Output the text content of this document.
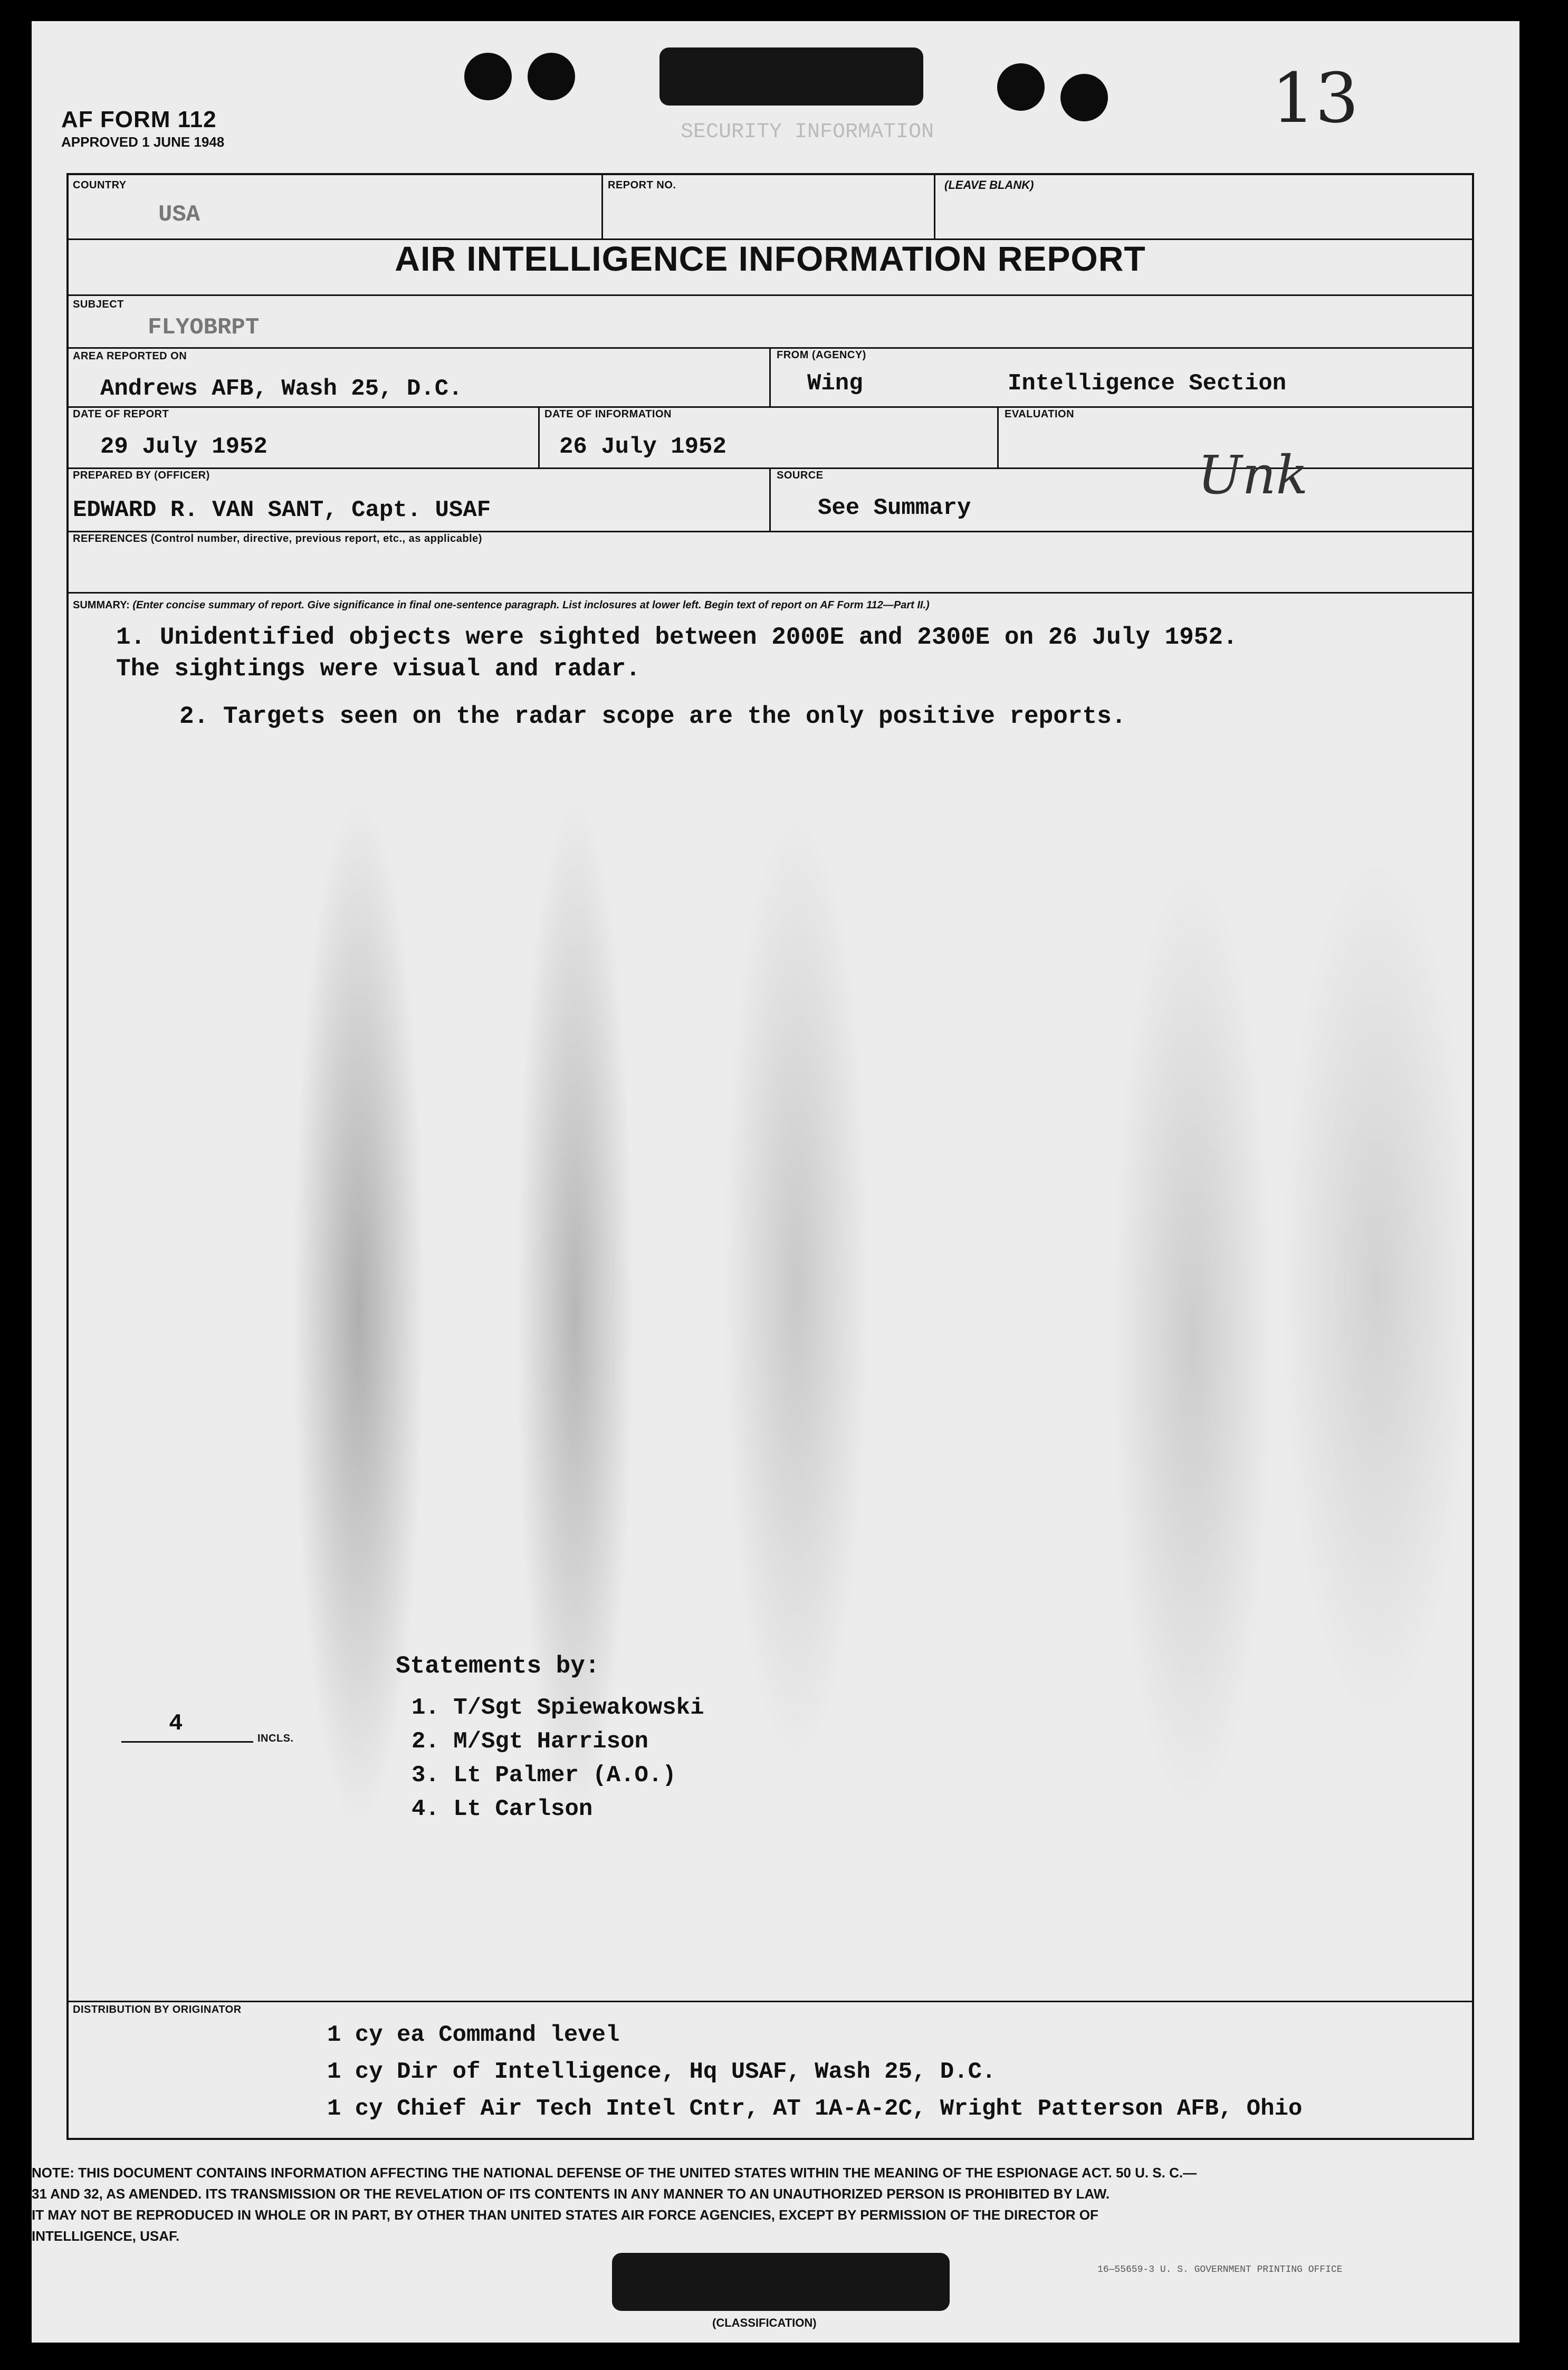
SECURITY INFORMATION
AF FORM 112
APPROVED 1 JUNE 1948
13
COUNTRY
USA
REPORT NO.	(LEAVE BLANK)
AIR INTELLIGENCE INFORMATION REPORT
SUBJECT
FLYOBRPT
AREA REPORTED ON
Andrews AFB, Wash 25, D.C.
FROM (AGENCY)
Wing	Intelligence Section
DATE OF REPORT
29 July 1952
DATE OF INFORMATION
26 July 1952
EVALUATION
PREPARED BY (OFFICER)
EDWARD R. VAN SANT, Capt. USAF
SOURCE
See Summary
Unk
REFERENCES (Control number, directive, previous report, etc., as applicable)
SUMMARY: (Enter concise summary of report. Give significance in final one-sentence paragraph. List inclosures at lower left. Begin text of report on AF Form 112—Part II.)
1. Unidentified objects were sighted between 2000E and 2300E on 26 July 1952.
The sightings were visual and radar.
2. Targets seen on the radar scope are the only positive reports.
Statements by:
1. T/Sgt Spiewakowski
2. M/Sgt Harrison
3. Lt Palmer (A.O.)
4. Lt Carlson
4
INCLS.
DISTRIBUTION BY ORIGINATOR
1 cy ea Command level
1 cy Dir of Intelligence, Hq USAF, Wash 25, D.C.
1 cy Chief Air Tech Intel Cntr, AT 1A-A-2C, Wright Patterson AFB, Ohio
NOTE: THIS DOCUMENT CONTAINS INFORMATION AFFECTING THE NATIONAL DEFENSE OF THE UNITED STATES WITHIN THE MEANING OF THE ESPIONAGE ACT. 50 U. S. C.—
31 AND 32, AS AMENDED. ITS TRANSMISSION OR THE REVELATION OF ITS CONTENTS IN ANY MANNER TO AN UNAUTHORIZED PERSON IS PROHIBITED BY LAW.
IT MAY NOT BE REPRODUCED IN WHOLE OR IN PART, BY OTHER THAN UNITED STATES AIR FORCE AGENCIES, EXCEPT BY PERMISSION OF THE DIRECTOR OF
INTELLIGENCE, USAF.
(CLASSIFICATION)
16—55659-3 U. S. GOVERNMENT PRINTING OFFICE
